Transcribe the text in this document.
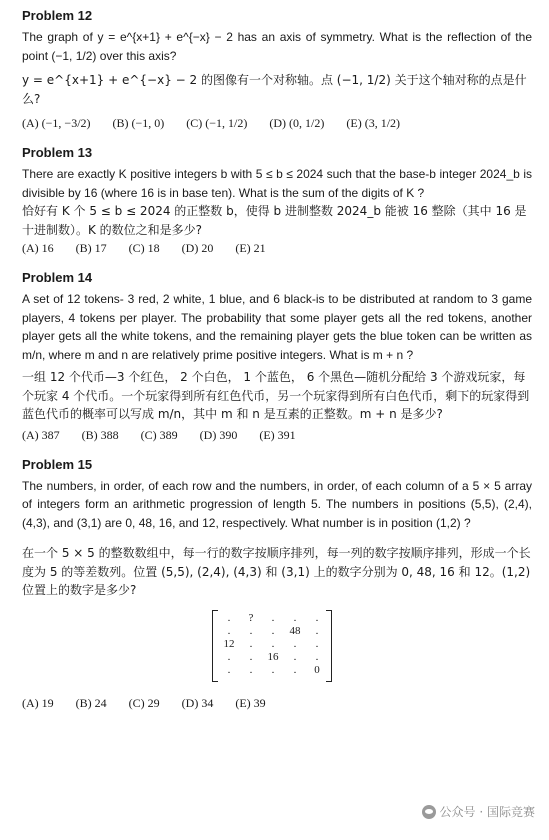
Problem 12
The graph of y = e^{x+1} + e^{−x} − 2 has an axis of symmetry. What is the reflection of the point (−1, 1/2) over this axis?
y = e^{x+1} + e^{−x} − 2 的图像有一个对称轴。点 (−1, 1/2) 关于这个轴对称的点是什么?
(A) (−1, −3/2) (B) (−1, 0) (C) (−1, 1/2) (D) (0, 1/2) (E) (3, 1/2)
Problem 13
There are exactly K positive integers b with 5 ≤ b ≤ 2024 such that the base-b integer 2024_b is divisible by 16 (where 16 is in base ten). What is the sum of the digits of K ?
恰好有 K 个 5 ≤ b ≤ 2024 的正整数 b，使得 b 进制整数 2024_b 能被 16 整除（其中 16 是十进制数）。K 的数位之和是多少?
(A) 16 (B) 17 (C) 18 (D) 20 (E) 21
Problem 14
A set of 12 tokens- 3 red, 2 white, 1 blue, and 6 black-is to be distributed at random to 3 game players, 4 tokens per player. The probability that some player gets all the red tokens, another player gets all the white tokens, and the remaining player gets the blue token can be written as m/n, where m and n are relatively prime positive integers. What is m + n ?
一组 12 个代币—3 个红色， 2 个白色， 1 个蓝色， 6 个黑色—随机分配给 3 个游戏玩家，每个玩家 4 个代币。一个玩家得到所有红色代币，另一个玩家得到所有白色代币，剩下的玩家得到蓝色代币的概率可以写成 m/n，其中 m 和 n 是互素的正整数。m + n 是多少?
(A) 387 (B) 388 (C) 389 (D) 390 (E) 391
Problem 15
The numbers, in order, of each row and the numbers, in order, of each column of a 5 × 5 array of integers form an arithmetic progression of length 5. The numbers in positions (5,5), (2,4), (4,3), and (3,1) are 0, 48, 16, and 12, respectively. What number is in position (1,2) ?
在一个 5 × 5 的整数数组中，每一行的数字按顺序排列，每一列的数字按顺序排列，形成一个长度为 5 的等差数列。位置 (5,5), (2,4), (4,3) 和 (3,1) 上的数字分别为 0, 48, 16 和 12。(1,2) 位置上的数字是多少?
.	?	.	.	.
.	.	.	48	.
12	.	.	.	.
.	.	16	.	.
.	.	.	.	0
(A) 19 (B) 24 (C) 29 (D) 34 (E) 39
公众号 · 国际竞赛
